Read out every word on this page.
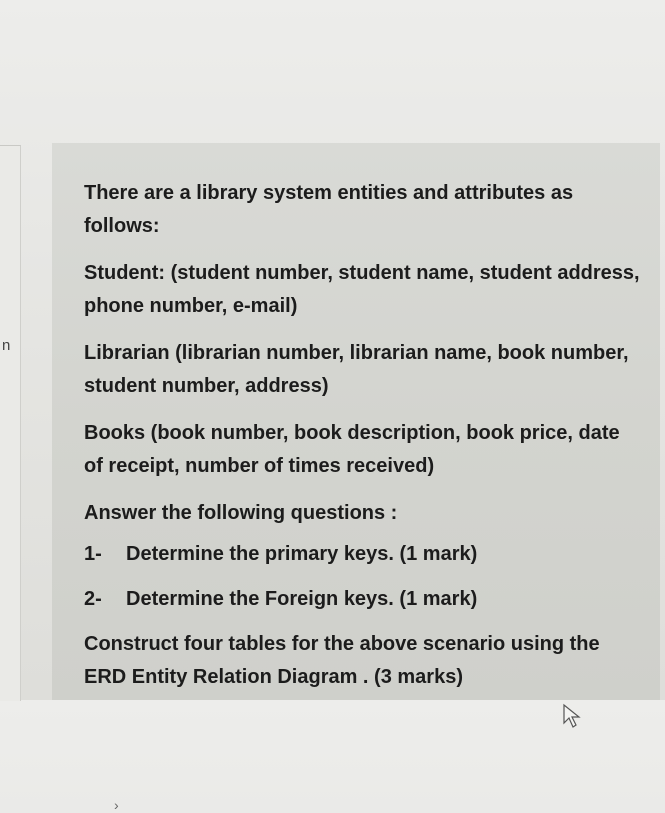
n

There are a library system entities and attributes as follows:

Student: (student number, student name, student address, phone number, e-mail)

Librarian (librarian number, librarian name, book number, student number, address)

Books (book number, book description, book price, date of receipt, number of times received)

Answer the following questions :

1- Determine the primary keys. (1 mark)
2- Determine the Foreign keys. (1 mark)

Construct four tables for the above scenario using the ERD Entity Relation Diagram . (3 marks)

›
